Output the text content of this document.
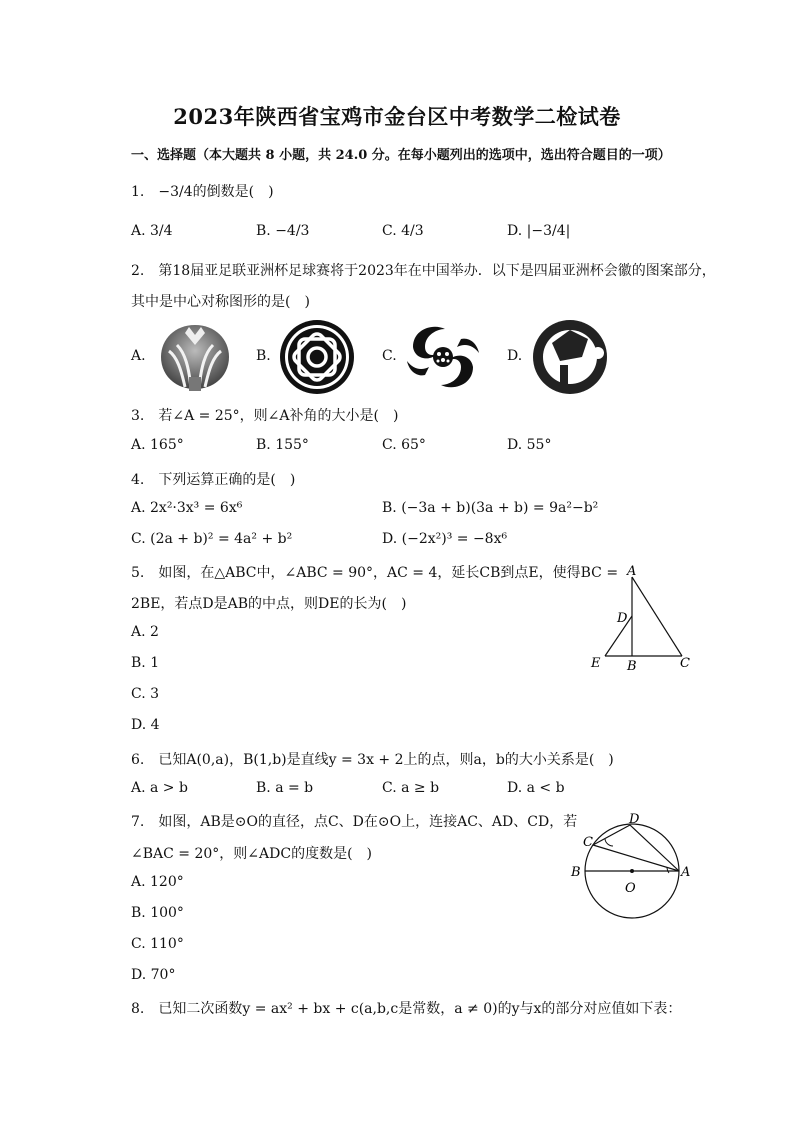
2023年陕西省宝鸡市金台区中考数学二检试卷
一、选择题（本大题共 8 小题，共 24.0 分。在每小题列出的选项中，选出符合题目的一项）
1.　−3/4的倒数是(　)
A. 3/4	B. −4/3	C. 4/3	D. |−3/4|
2.　第18届亚足联亚洲杯足球赛将于2023年在中国举办．以下是四届亚洲杯会徽的图案部分，
其中是中心对称图形的是(　)
A.	B.	C.	D.
3.　若∠A = 25°，则∠A补角的大小是(　)
A. 165°	B. 155°	C. 65°	D. 55°
4.　下列运算正确的是(　)
A. 2x²·3x³ = 6x⁶	B. (−3a + b)(3a + b) = 9a²−b²
C. (2a + b)² = 4a² + b²	D. (−2x²)³ = −8x⁶
5.　如图，在△ABC中，∠ABC = 90°，AC = 4，延长CB到点E，使得BC =
2BE，若点D是AB的中点，则DE的长为(　)
A. 2
B. 1
C. 3
D. 4
A
D
E B	C
6.　已知A(0,a)，B(1,b)是直线y = 3x + 2上的点，则a，b的大小关系是(　)
A. a > b	B. a = b	C. a ≥ b	D. a < b
7.　如图，AB是⊙O的直径，点C、D在⊙O上，连接AC、AD、CD，若
∠BAC = 20°，则∠ADC的度数是(　)
A. 120°
B. 100°
C. 110°
D. 70°
D
C
B
O
A
8.　已知二次函数y = ax² + bx + c(a,b,c是常数，a ≠ 0)的y与x的部分对应值如下表：
